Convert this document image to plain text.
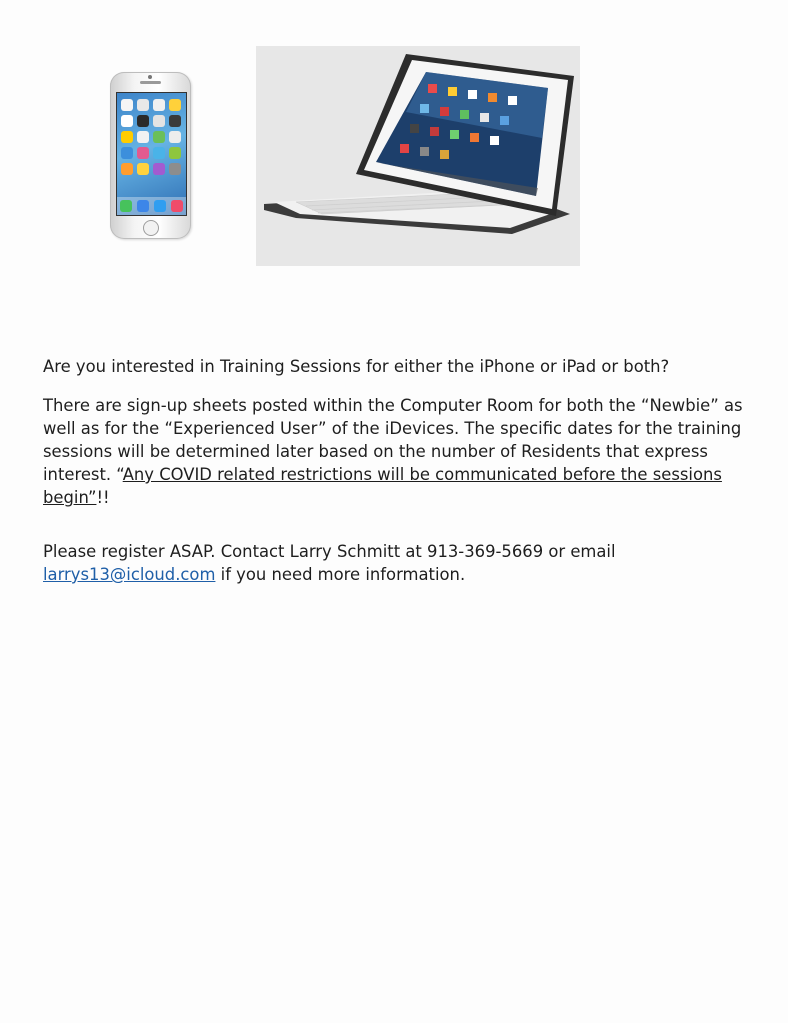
Are you interested in Training Sessions for either the iPhone or iPad or both?

There are sign-up sheets posted within the Computer Room for both the “Newbie” as well as for the “Experienced User” of the iDevices. The specific dates for the training sessions will be determined later based on the number of Residents that express interest. “Any COVID related restrictions will be communicated before the sessions begin”!!

Please register ASAP. Contact Larry Schmitt at 913-369-5669 or email
larrys13@icloud.com if you need more information.
